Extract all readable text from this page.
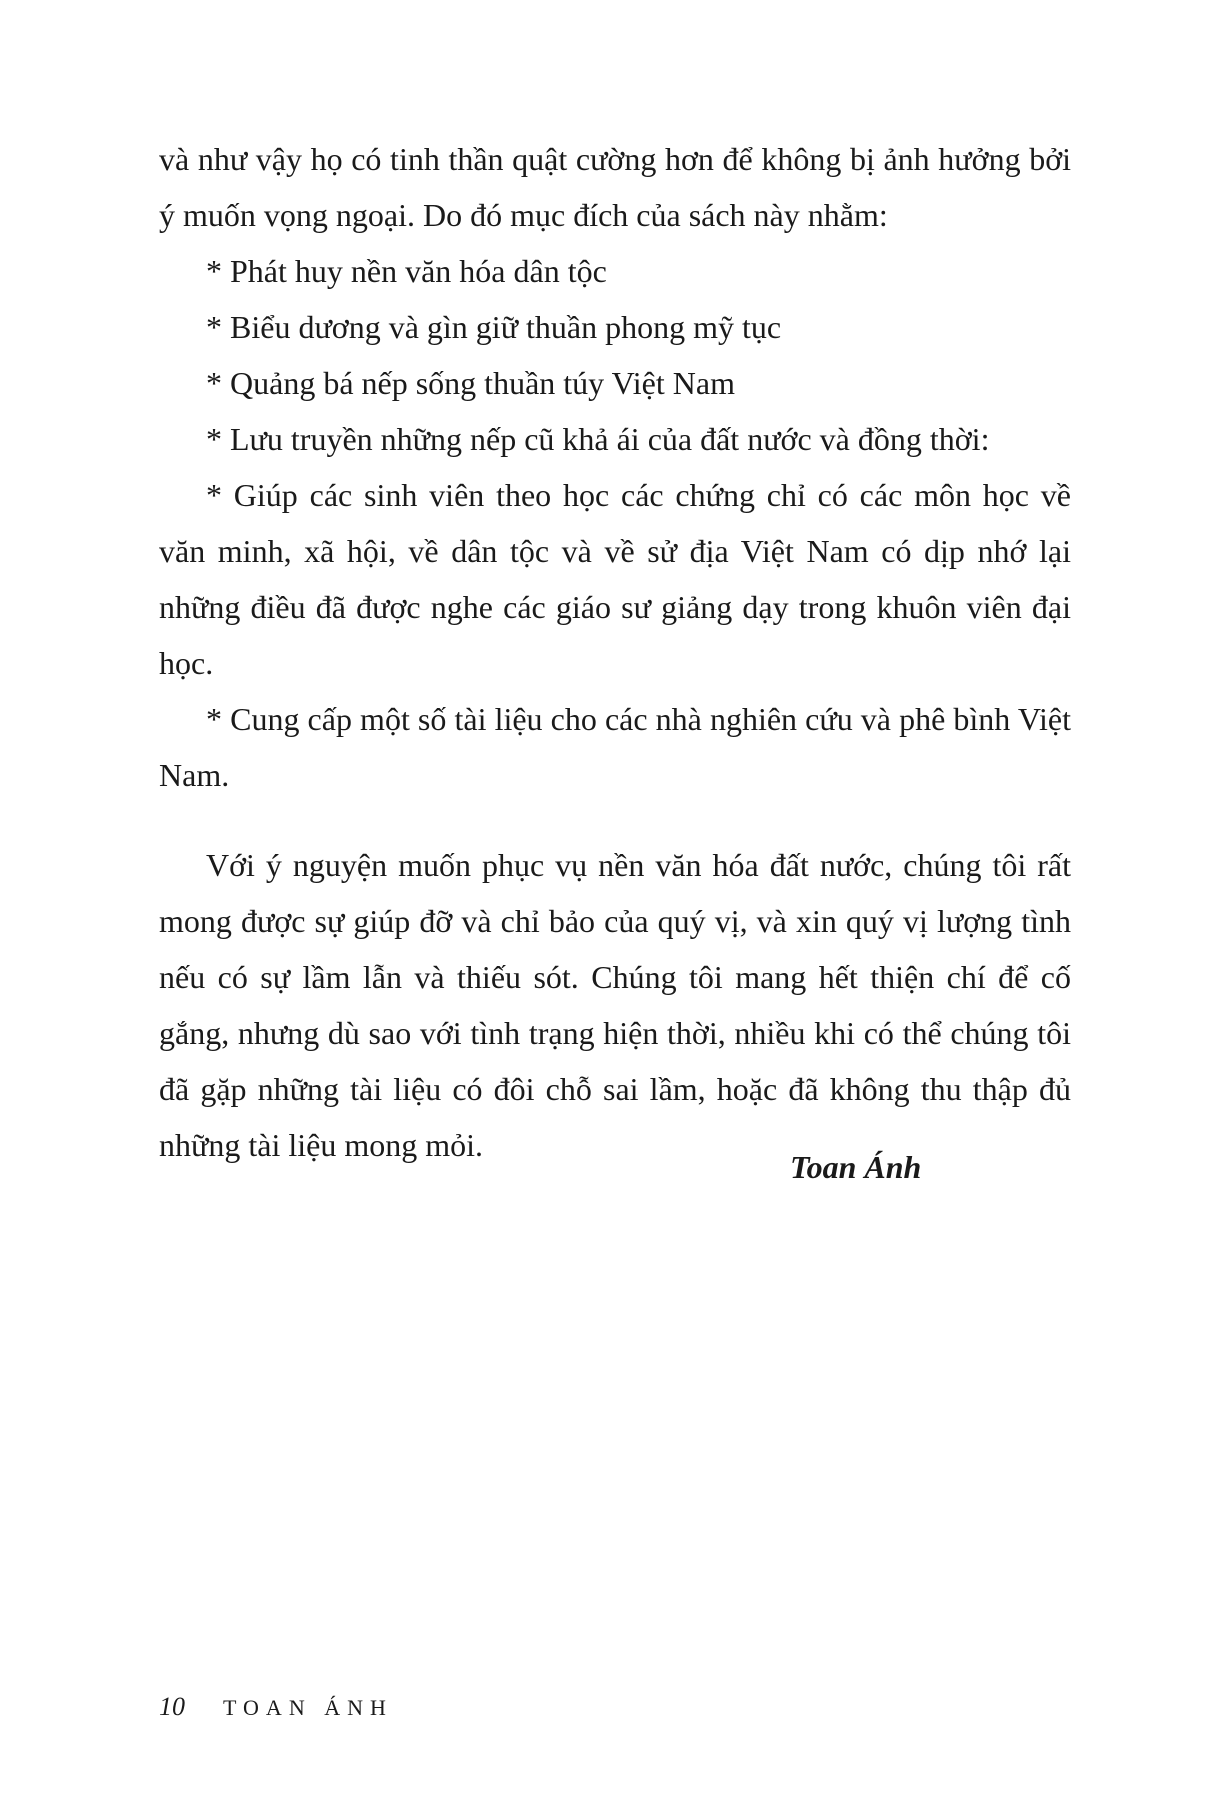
và như vậy họ có tinh thần quật cường hơn để không bị ảnh hưởng bởi ý muốn vọng ngoại. Do đó mục đích của sách này nhằm:

* Phát huy nền văn hóa dân tộc

* Biểu dương và gìn giữ thuần phong mỹ tục

* Quảng bá nếp sống thuần túy Việt Nam

* Lưu truyền những nếp cũ khả ái của đất nước và đồng thời:

* Giúp các sinh viên theo học các chứng chỉ có các môn học về văn minh, xã hội, về dân tộc và về sử địa Việt Nam có dịp nhớ lại những điều đã được nghe các giáo sư giảng dạy trong khuôn viên đại học.

* Cung cấp một số tài liệu cho các nhà nghiên cứu và phê bình Việt Nam.

Với ý nguyện muốn phục vụ nền văn hóa đất nước, chúng tôi rất mong được sự giúp đỡ và chỉ bảo của quý vị, và xin quý vị lượng tình nếu có sự lầm lẫn và thiếu sót. Chúng tôi mang hết thiện chí để cố gắng, nhưng dù sao với tình trạng hiện thời, nhiều khi có thể chúng tôi đã gặp những tài liệu có đôi chỗ sai lầm, hoặc đã không thu thập đủ những tài liệu mong mỏi.

Toan Ánh
10 TOAN ÁNH
